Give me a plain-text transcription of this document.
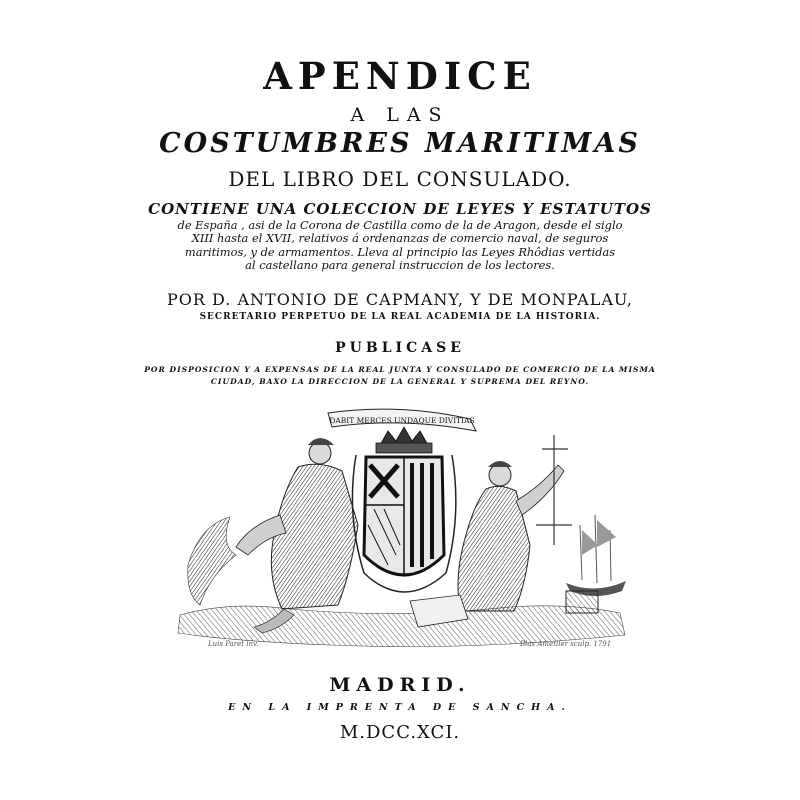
APENDICE

A LAS

COSTUMBRES MARITIMAS

DEL LIBRO DEL CONSULADO.

CONTIENE UNA COLECCION DE LEYES Y ESTATUTOS

de España , asi de la Corona de Castilla como de la de Aragon, desde el siglo
XIII hasta el XVII, relativos á ordenanzas de comercio naval, de seguros
maritimos, y de armamentos. Lleva al principio las Leyes Rhôdias vertidas
al castellano para general instruccion de los lectores.

POR D. ANTONIO DE CAPMANY, Y DE MONPALAU,

SECRETARIO PERPETUO DE LA REAL ACADEMIA DE LA HISTORIA.

PUBLICASE

POR DISPOSICION Y A EXPENSAS DE LA REAL JUNTA Y CONSULADO DE COMERCIO DE LA MISMA
CIUDAD, BAXO LA DIRECCION DE LA GENERAL Y SUPREMA DEL REYNO.
DABIT MERCES UNDAQUE DIVITIAS
Luis Paret inv.	Blas Ametller sculp. 1791

MADRID.

EN LA IMPRENTA DE SANCHA.

M.DCC.XCI.
